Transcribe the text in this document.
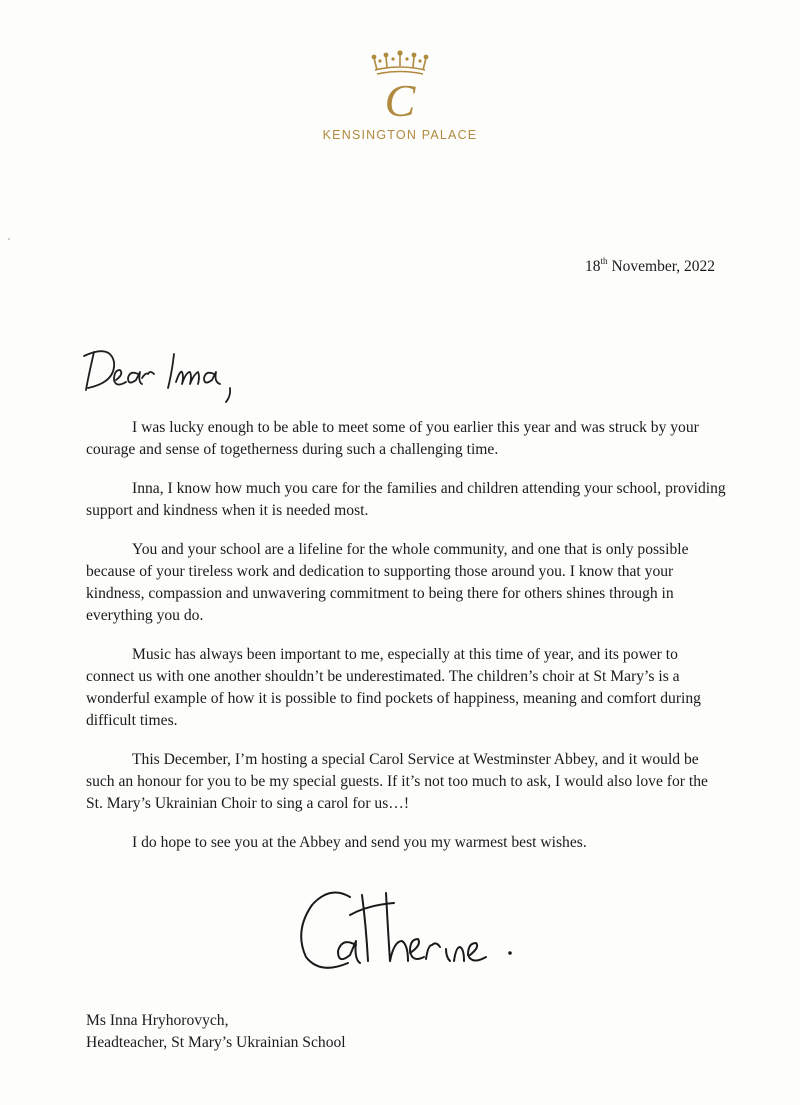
C
KENSINGTON PALACE
18th November, 2022

I was lucky enough to be able to meet some of you earlier this year and was struck by your courage and sense of togetherness during such a challenging time.

Inna, I know how much you care for the families and children attending your school, providing support and kindness when it is needed most.

You and your school are a lifeline for the whole community, and one that is only possible because of your tireless work and dedication to supporting those around you. I know that your kindness, compassion and unwavering commitment to being there for others shines through in everything you do.

Music has always been important to me, especially at this time of year, and its power to connect us with one another shouldn’t be underestimated. The children’s choir at St Mary’s is a wonderful example of how it is possible to find pockets of happiness, meaning and comfort during difficult times.

This December, I’m hosting a special Carol Service at Westminster Abbey, and it would be such an honour for you to be my special guests. If it’s not too much to ask, I would also love for the St. Mary’s Ukrainian Choir to sing a carol for us…!

I do hope to see you at the Abbey and send you my warmest best wishes.

Ms Inna Hryhorovych,
Headteacher, St Mary’s Ukrainian School
